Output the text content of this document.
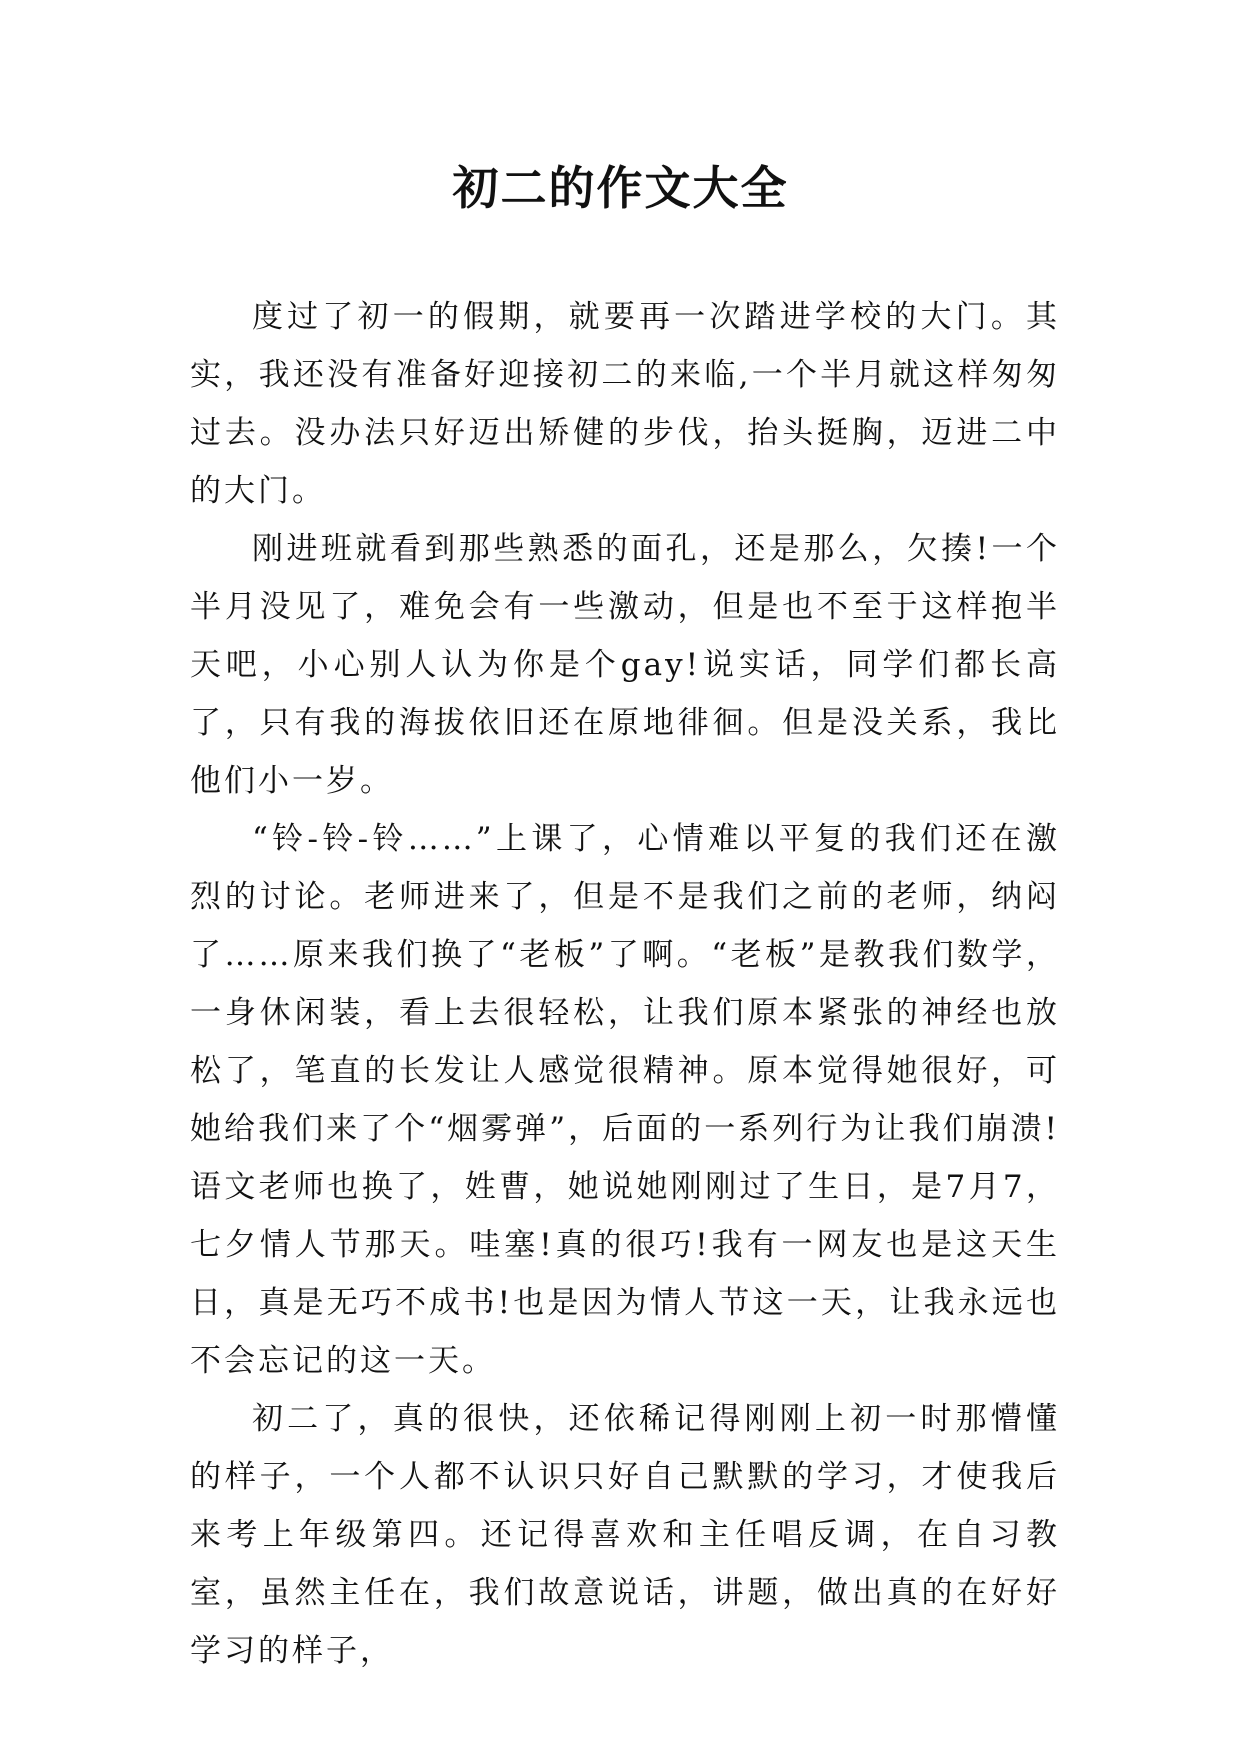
初二的作文大全

度过了初一的假期，就要再一次踏进学校的大门。其实，我还没有准备好迎接初二的来临,一个半月就这样匆匆过去。没办法只好迈出矫健的步伐，抬头挺胸，迈进二中的大门。

刚进班就看到那些熟悉的面孔，还是那么，欠揍!一个半月没见了，难免会有一些激动，但是也不至于这样抱半天吧，小心别人认为你是个gay!说实话，同学们都长高了，只有我的海拔依旧还在原地徘徊。但是没关系，我比他们小一岁。

“铃-铃-铃……”上课了，心情难以平复的我们还在激烈的讨论。老师进来了，但是不是我们之前的老师，纳闷了……原来我们换了“老板”了啊。“老板”是教我们数学，一身休闲装，看上去很轻松，让我们原本紧张的神经也放松了，笔直的长发让人感觉很精神。原本觉得她很好，可她给我们来了个“烟雾弹”，后面的一系列行为让我们崩溃!语文老师也换了，姓曹，她说她刚刚过了生日，是7月7，七夕情人节那天。哇塞!真的很巧!我有一网友也是这天生日，真是无巧不成书!也是因为情人节这一天，让我永远也不会忘记的这一天。

初二了，真的很快，还依稀记得刚刚上初一时那懵懂的样子，一个人都不认识只好自己默默的学习，才使我后来考上年级第四。还记得喜欢和主任唱反调，在自习教室，虽然主任在，我们故意说话，讲题，做出真的在好好学习的样子，
